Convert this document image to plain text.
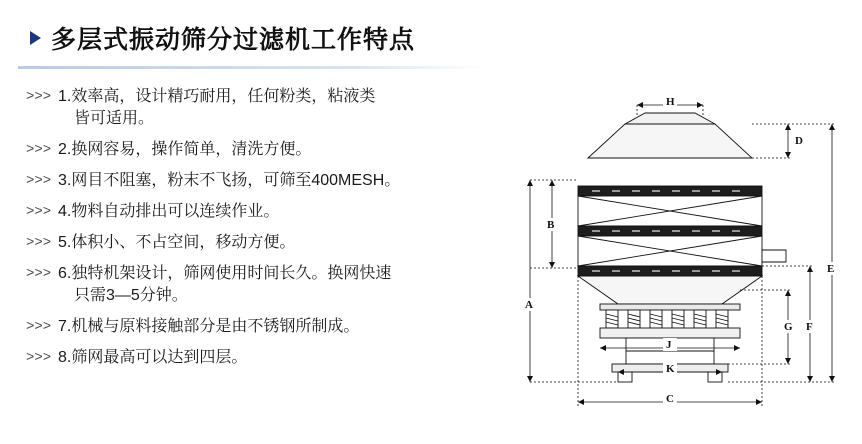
多层式振动筛分过滤机工作特点
>>> 1.效率高，设计精巧耐用，任何粉类，粘液类
皆可适用。
>>> 2.换网容易，操作简单，清洗方便。
>>> 3.网目不阻塞，粉末不飞扬，可筛至400MESH。
>>> 4.物料自动排出可以连续作业。
>>> 5.体积小、不占空间，移动方便。
>>> 6.独特机架设计，筛网使用时间长久。换网快速
只需3—5分钟。
>>> 7.机械与原料接触部分是由不锈钢所制成。
>>> 8.筛网最高可以达到四层。
H
D
B
E
A
G F
J
K
C
